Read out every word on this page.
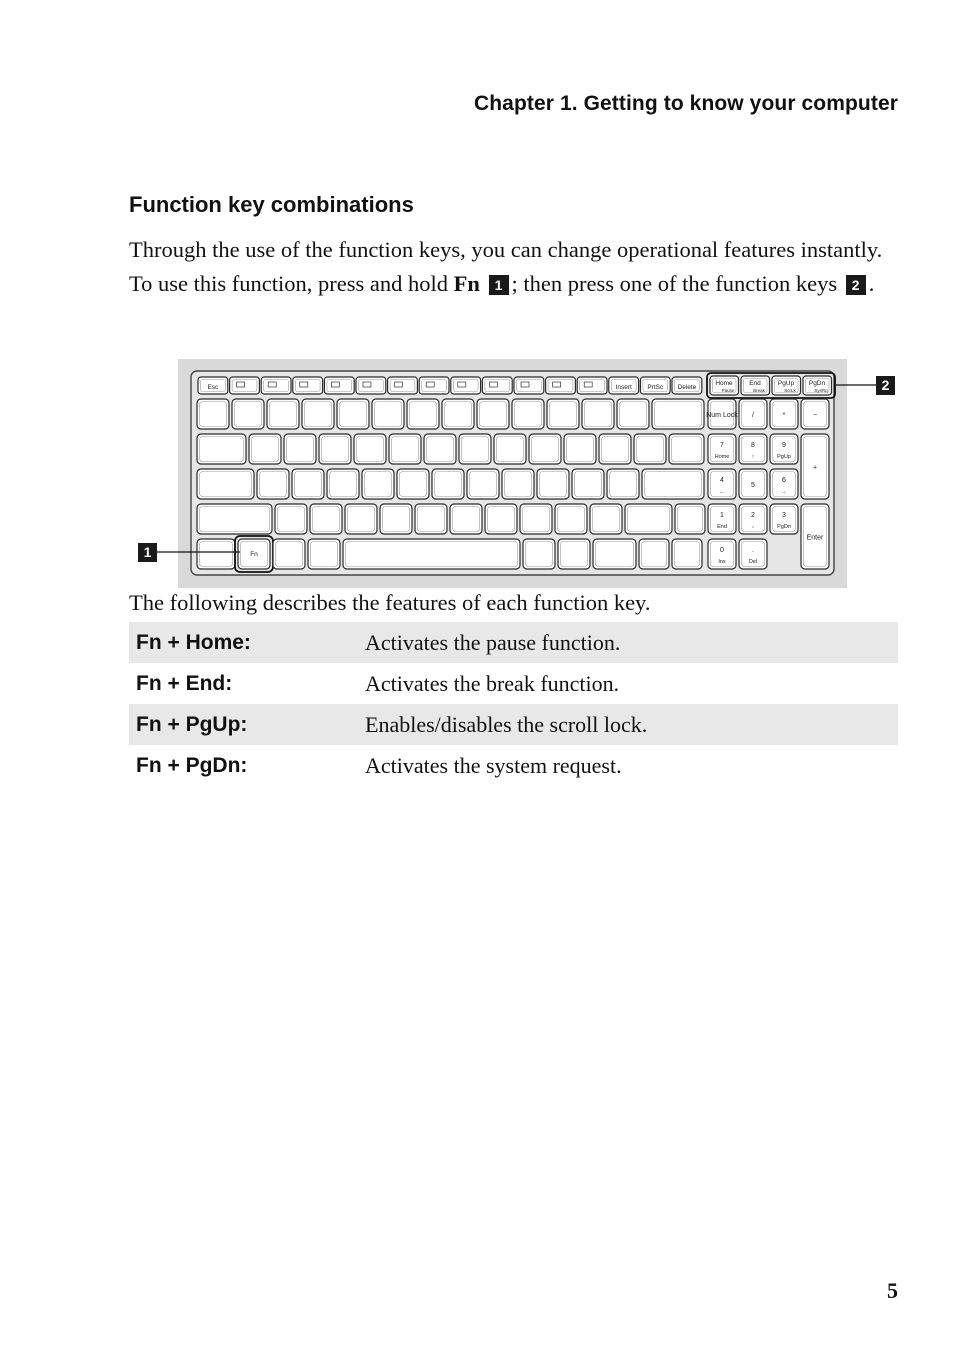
Chapter 1. Getting to know your computer
Function key combinations
Through the use of the function keys, you can change operational features instantly. To use this function, press and hold Fn 1 ; then press one of the function keys 2 .
Esc	Insert PrtSc Delete
Home
Pause
End
Break
PgUp
ScrLk
PgDn
SysRq
Fn
Num Lock /	*	−
7
Home
8
↑
9
PgUp
+
4
←
5
6
→
1
End
2
↓
3
PgDn
Enter
0
Ins
.
Del
2
1
The following describes the features of each function key.
Fn + Home:	Activates the pause function.
Fn + End:	Activates the break function.
Fn + PgUp:	Enables/disables the scroll lock.
Fn + PgDn:	Activates the system request.
5
